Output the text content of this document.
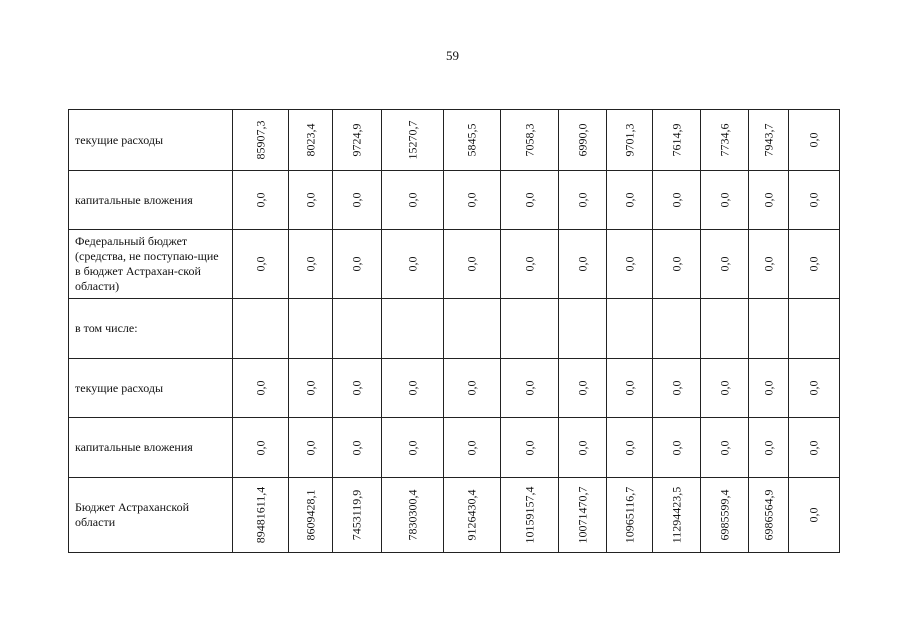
59
текущие расходы	85907,3	8023,4	9724,9	15270,7	5845,5	7058,3	6990,0	9701,3	7614,9	7734,6	7943,7	0,0

капитальные вложения	0,0	0,0	0,0	0,0	0,0	0,0	0,0	0,0	0,0	0,0	0,0	0,0

Федеральный бюджет (средства, не поступаю-щие в бюджет Астрахан-ской области)	0,0	0,0	0,0	0,0	0,0	0,0	0,0	0,0	0,0	0,0	0,0	0,0

в том числе:	

текущие расходы	0,0	0,0	0,0	0,0	0,0	0,0	0,0	0,0	0,0	0,0	0,0	0,0

капитальные вложения	0,0	0,0	0,0	0,0	0,0	0,0	0,0	0,0	0,0	0,0	0,0	0,0

Бюджет Астраханской области	89481611,4	8609428,1	7453119,9	7830300,4	9126430,4	10159157,4	10071470,7	10965116,7	11294423,5	6985599,4	6986564,9	0,0
